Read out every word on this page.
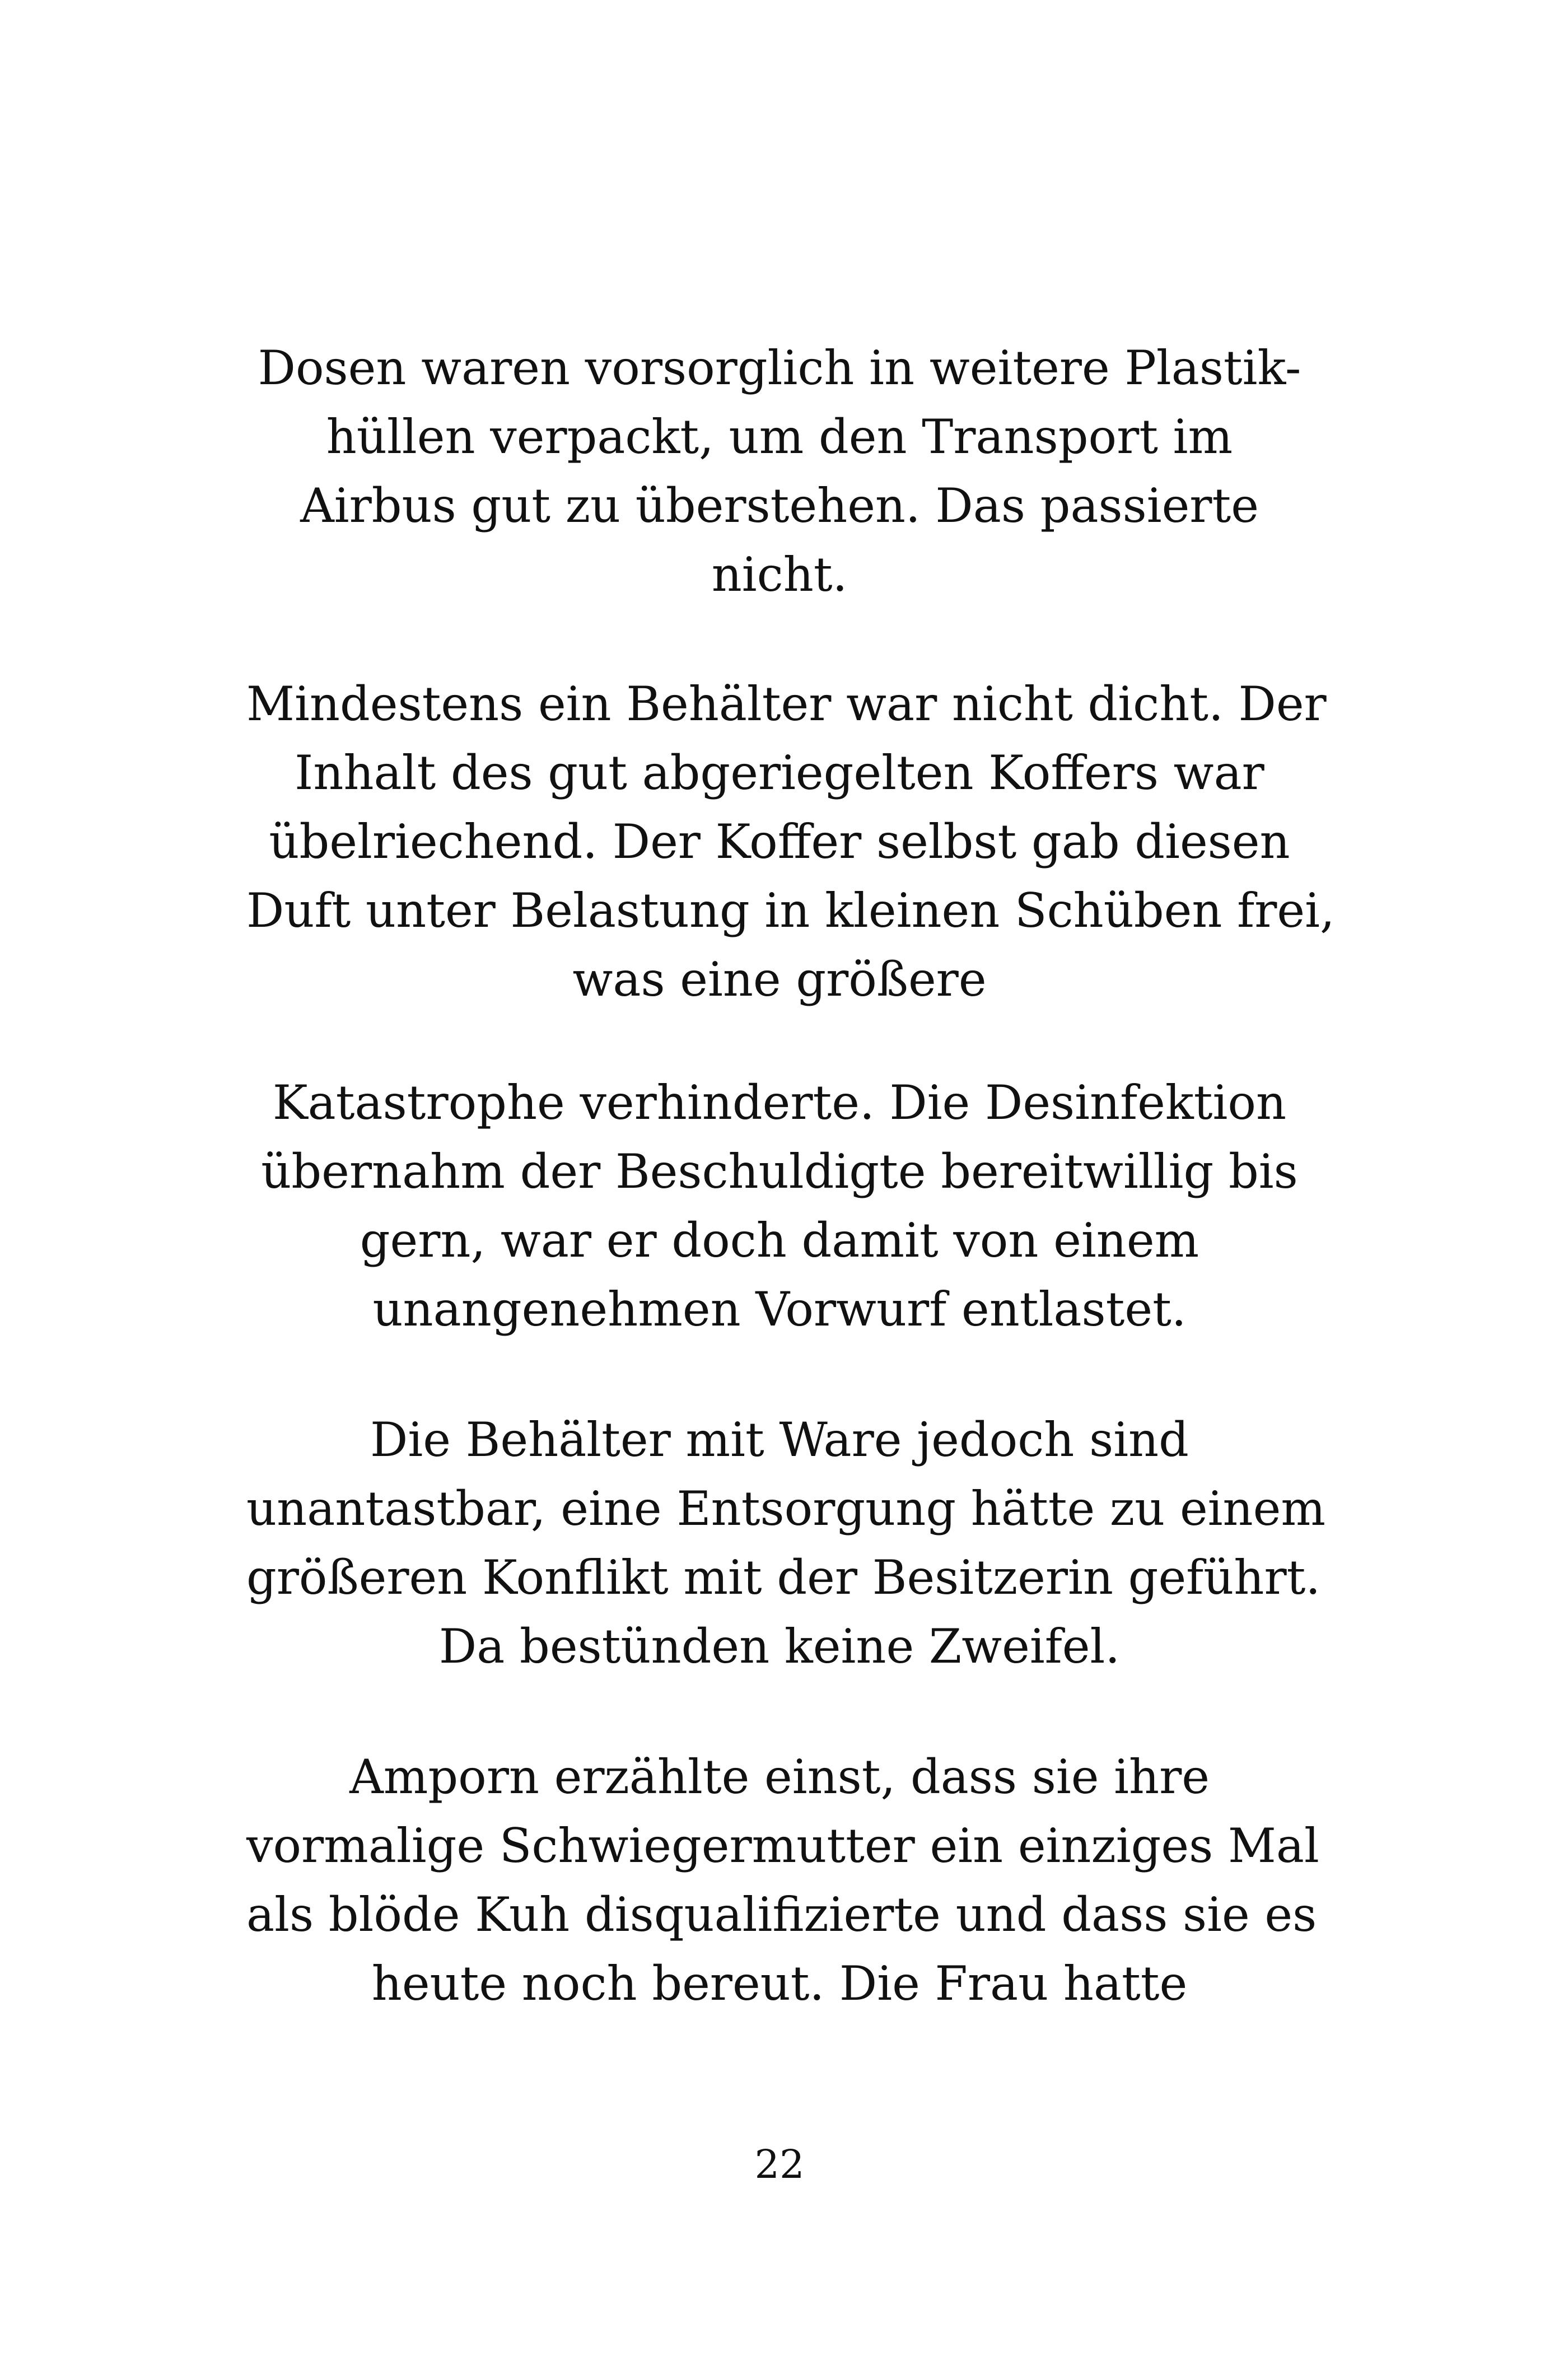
Dosen waren vorsorglich in weitere Plastik-
hüllen verpackt, um den Transport im
Airbus gut zu überstehen. Das passierte
nicht.

Mindestens ein Behälter war nicht dicht. Der
Inhalt des gut abgeriegelten Koffers war
übelriechend. Der Koffer selbst gab diesen
Duft unter Belastung in kleinen Schüben frei,
was eine größere

Katastrophe verhinderte. Die Desinfektion
übernahm der Beschuldigte bereitwillig bis
gern, war er doch damit von einem
unangenehmen Vorwurf entlastet.

Die Behälter mit Ware jedoch sind
unantastbar, eine Entsorgung hätte zu einem
größeren Konflikt mit der Besitzerin geführt.
Da bestünden keine Zweifel.

Amporn erzählte einst, dass sie ihre
vormalige Schwiegermutter ein einziges Mal
als blöde Kuh disqualifizierte und dass sie es
heute noch bereut. Die Frau hatte

22
